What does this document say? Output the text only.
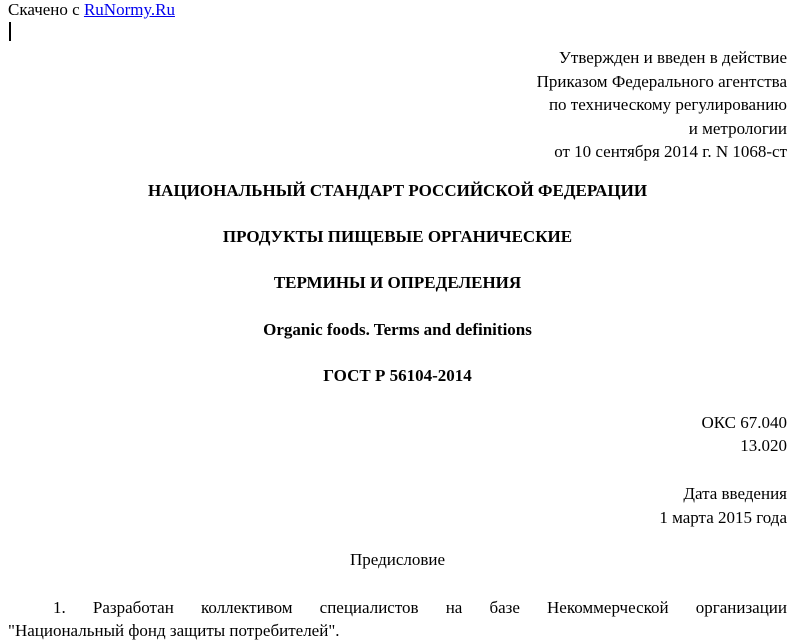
Скачено с RuNormy.Ru
Утвержден и введен в действие
Приказом Федерального агентства
по техническому регулированию
и метрологии
от 10 сентября 2014 г. N 1068-ст
НАЦИОНАЛЬНЫЙ СТАНДАРТ РОССИЙСКОЙ ФЕДЕРАЦИИ
ПРОДУКТЫ ПИЩЕВЫЕ ОРГАНИЧЕСКИЕ
ТЕРМИНЫ И ОПРЕДЕЛЕНИЯ
Organic foods. Terms and definitions
ГОСТ Р 56104-2014
ОКС 67.040
13.020
Дата введения
1 марта 2015 года
Предисловие
1. Разработан коллективом специалистов на базе Некоммерческой организации
"Национальный фонд защиты потребителей".
